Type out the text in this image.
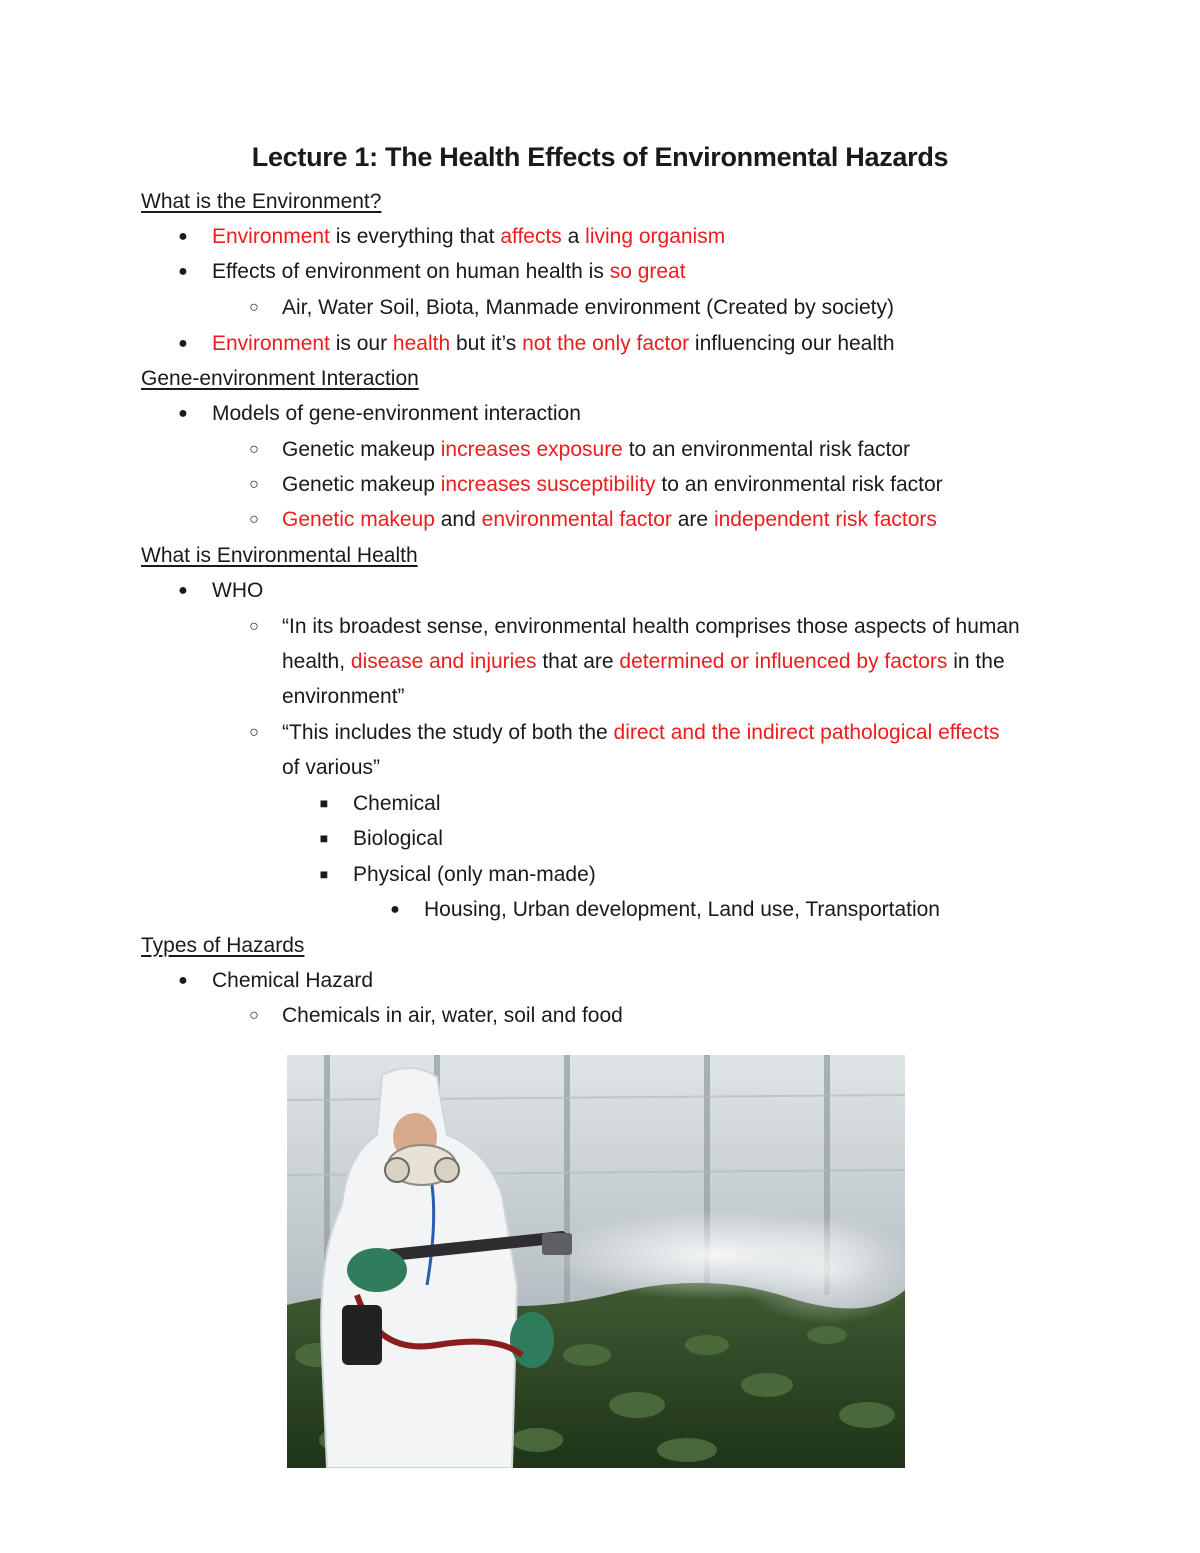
Lecture 1: The Health Effects of Environmental Hazards
What is the Environment?
● Environment is everything that affects a living organism
● Effects of environment on human health is so great
○ Air, Water Soil, Biota, Manmade environment (Created by society)
● Environment is our health but it’s not the only factor influencing our health
Gene-environment Interaction
● Models of gene-environment interaction
○ Genetic makeup increases exposure to an environmental risk factor
○ Genetic makeup increases susceptibility to an environmental risk factor
○ Genetic makeup and environmental factor are independent risk factors
What is Environmental Health
● WHO
○ “In its broadest sense, environmental health comprises those aspects of human
health, disease and injuries that are determined or influenced by factors in the
environment”
○ “This includes the study of both the direct and the indirect pathological effects
of various”
■	Chemical
■	Biological
■	Physical (only man-made)
● Housing, Urban development, Land use, Transportation
Types of Hazards
● Chemical Hazard
○ Chemicals in air, water, soil and food
